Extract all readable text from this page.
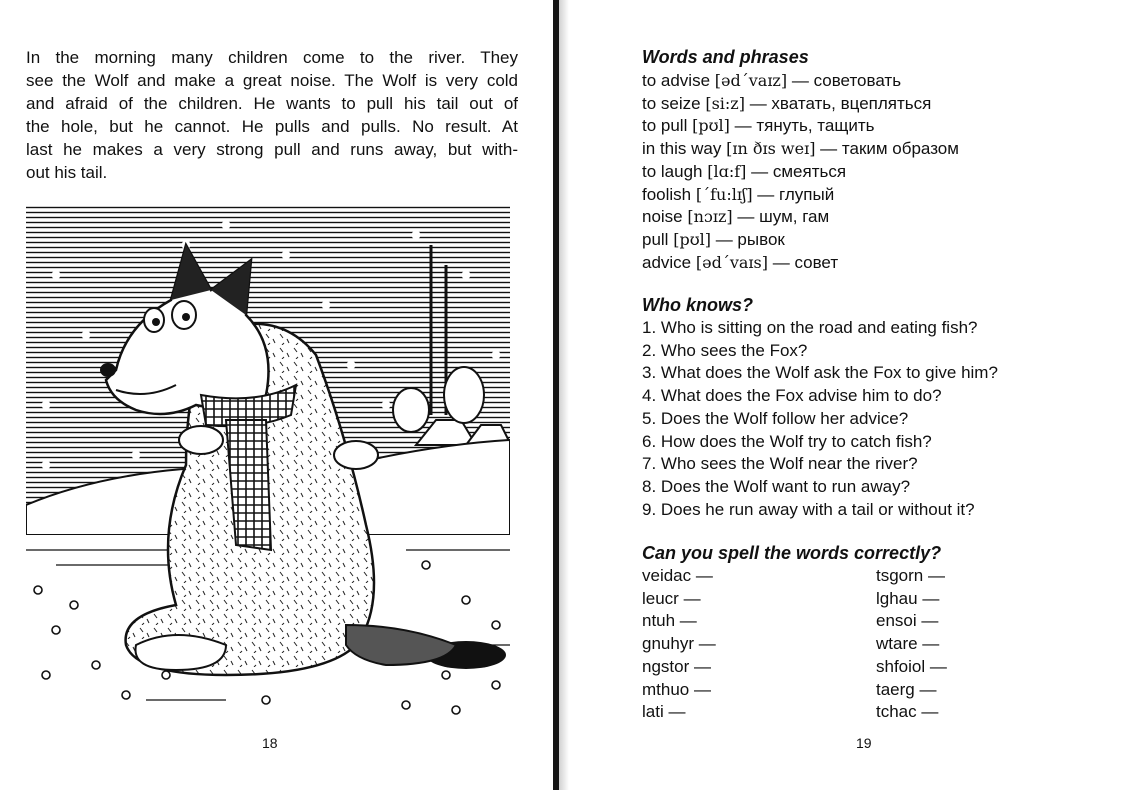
In the morning many children come to the river. They
see the Wolf and make a great noise. The Wolf is very cold
and afraid of the children. He wants to pull his tail out of
the hole, but he cannot. He pulls and pulls. No result. At
last he makes a very strong pull and runs away, but with-
out his tail.
18
Words and phrases
to advise [əd΄vaɪz] — советовать
to seize [si:z] — хватать, вцепляться
to pull [pʊl] — тянуть, тащить
in this way [ɪn ðɪs weɪ] — таким образом
to laugh [lɑ:f] — смеяться
foolish [΄fu:lɪʃ] — глупый
noise [nɔɪz] — шум, гам
pull [pʊl] — рывок
advice [əd΄vaɪs] — совет
Who knows?
1. Who is sitting on the road and eating fish?
2. Who sees the Fox?
3. What does the Wolf ask the Fox to give him?
4. What does the Fox advise him to do?
5. Does the Wolf follow her advice?
6. How does the Wolf try to catch fish?
7. Who sees the Wolf near the river?
8. Does the Wolf want to run away?
9. Does he run away with a tail or without it?
Can you spell the words correctly?
veidac —
leucr —
ntuh —
gnuhyr —
ngstor —
mthuo —
lati —
tsgorn —
lghau —
ensoi —
wtare —
shfoiol —
taerg —
tchac —
19
